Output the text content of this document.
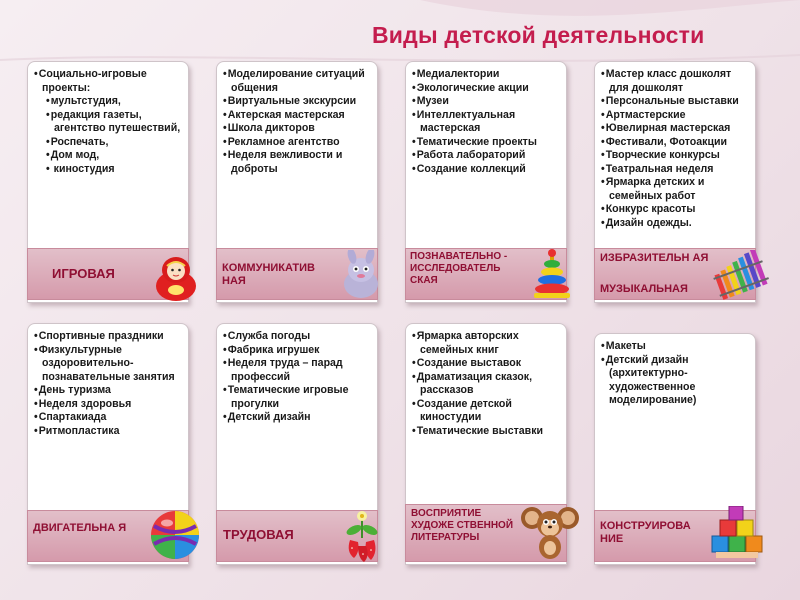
Виды детской деятельности
• Социально-игровые проекты:
• мультстудия,
• редакция газеты, агентство путешествий,
• Роспечать,
• Дом мод,
• киностудия
ИГРОВАЯ
• Моделирование ситуаций общения
• Виртуальные экскурсии
• Актерская мастерская
• Школа дикторов
• Рекламное агентство
• Неделя вежливости и доброты
КОММУНИКАТИВ НАЯ
• Медиалектории
• Экологические акции
• Музеи
• Интеллектуальная мастерская
• Тематические проекты
• Работа лабораторий
• Создание коллекций
ПОЗНАВАТЕЛЬНО - ИССЛЕДОВАТЕЛЬ СКАЯ
• Мастер класс дошколят для дошколят
• Персональные выставки
• Артмастерские
• Ювелирная мастерская
• Фестивали, Фотоакции
• Творческие конкурсы
• Театральная неделя
• Ярмарка детских и семейных работ
• Конкурс красоты
• Дизайн одежды.
ИЗБРАЗИТЕЛЬН АЯ
МУЗЫКАЛЬНАЯ
• Спортивные праздники
• Физкультурные оздоровительно-познавательные занятия
• День туризма
• Неделя здоровья
• Спартакиада
• Ритмопластика
ДВИГАТЕЛЬНА Я
• Служба погоды
• Фабрика игрушек
• Неделя труда – парад профессий
• Тематические игровые прогулки
• Детский дизайн
ТРУДОВАЯ
• Ярмарка авторских семейных книг
• Создание выставок
• Драматизация сказок, рассказов
• Создание детской киностудии
• Тематические выставки
ВОСПРИЯТИЕ ХУДОЖЕ СТВЕННОЙ ЛИТЕРАТУРЫ
• Макеты
• Детский дизайн (архитектурно-художественное моделирование)
КОНСТРУИРОВА НИЕ
